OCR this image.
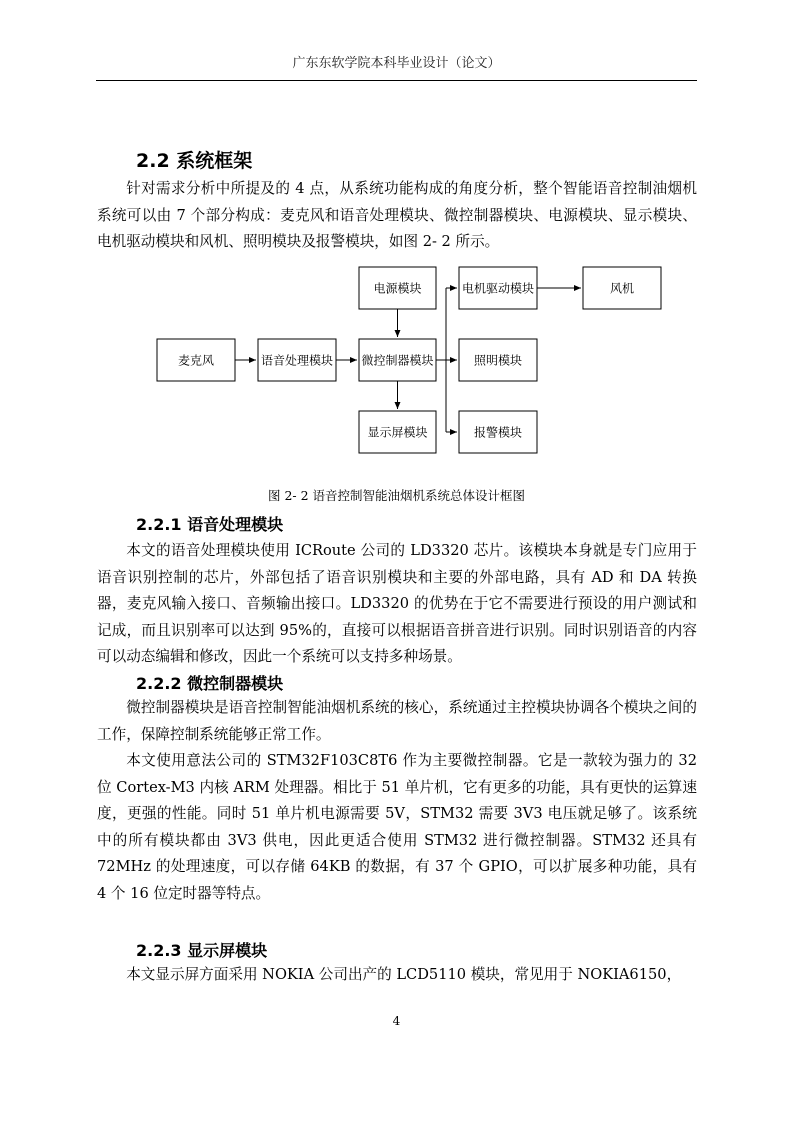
广东东软学院本科毕业设计（论文）
2.2 系统框架
针对需求分析中所提及的 4 点，从系统功能构成的角度分析，整个智能语音控制油烟机系统可以由 7 个部分构成：麦克风和语音处理模块、微控制器模块、电源模块、显示模块、电机驱动模块和风机、照明模块及报警模块，如图 2- 2 所示。
电源模块	电机驱动模块	风机
麦克风	语音处理模块 微控制器模块	照明模块
显示屏模块	报警模块
图 2- 2 语音控制智能油烟机系统总体设计框图
2.2.1 语音处理模块
本文的语音处理模块使用 ICRoute 公司的 LD3320 芯片。该模块本身就是专门应用于语音识别控制的芯片，外部包括了语音识别模块和主要的外部电路，具有 AD 和 DA 转换器，麦克风输入接口、音频输出接口。LD3320 的优势在于它不需要进行预设的用户测试和记成，而且识别率可以达到 95%的，直接可以根据语音拼音进行识别。同时识别语音的内容可以动态编辑和修改，因此一个系统可以支持多种场景。
2.2.2 微控制器模块
微控制器模块是语音控制智能油烟机系统的核心，系统通过主控模块协调各个模块之间的工作，保障控制系统能够正常工作。
本文使用意法公司的 STM32F103C8T6 作为主要微控制器。它是一款较为强力的 32 位 Cortex-M3 内核 ARM 处理器。相比于 51 单片机，它有更多的功能，具有更快的运算速度，更强的性能。同时 51 单片机电源需要 5V，STM32 需要 3V3 电压就足够了。该系统中的所有模块都由 3V3 供电，因此更适合使用 STM32 进行微控制器。STM32 还具有 72MHz 的处理速度，可以存储 64KB 的数据，有 37 个 GPIO，可以扩展多种功能，具有 4 个 16 位定时器等特点。
2.2.3 显示屏模块
本文显示屏方面采用 NOKIA 公司出产的 LCD5110 模块，常见用于 NOKIA6150，
4
